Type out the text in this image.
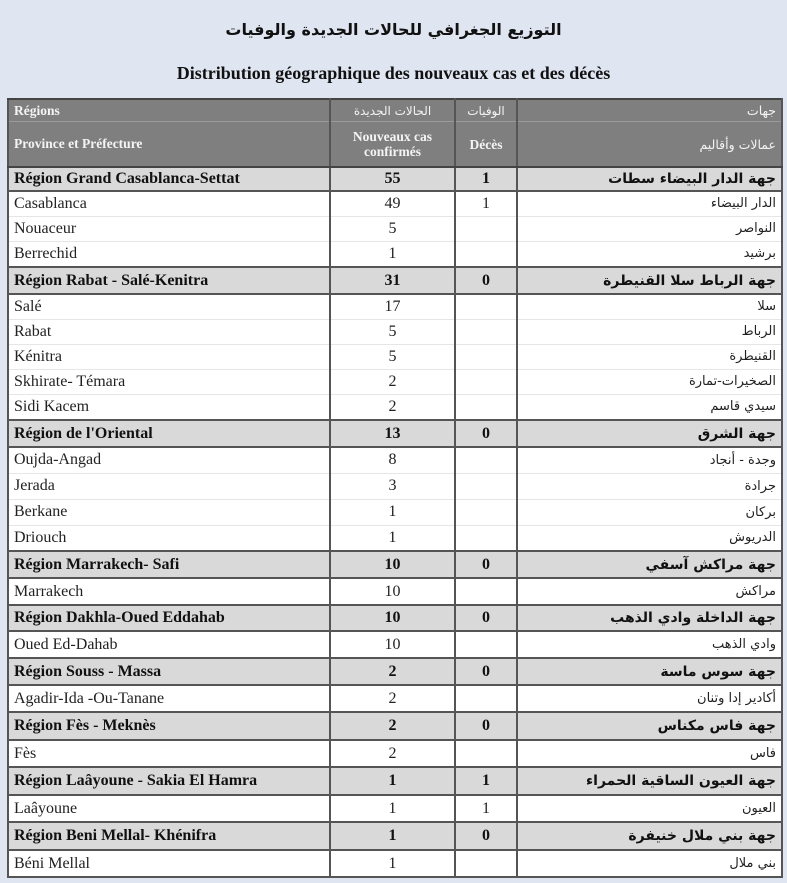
التوزيع الجغرافي للحالات الجديدة والوفيات
Distribution géographique des nouveaux cas et des décès
Régions	الحالات الجديدة	الوفيات	جهات
Province et Préfecture	Nouveaux cas confirmés	Décès	عمالات وأقاليم
Région Grand Casablanca-Settat	55	1	جهة الدار البيضاء سطات
Casablanca	49	1	الدار البيضاء
Nouaceur	5		النواصر
Berrechid	1		برشيد
Région Rabat - Salé-Kenitra	31	0	جهة الرباط سلا القنيطرة
Salé	17		سلا
Rabat	5		الرباط
Kénitra	5		القنيطرة
Skhirate- Témara	2		الصخيرات-تمارة
Sidi Kacem	2		سيدي قاسم
Région de l'Oriental	13	0	جهة الشرق
Oujda-Angad	8		وجدة - أنجاد
Jerada	3		جرادة
Berkane	1		بركان
Driouch	1		الدريوش
Région Marrakech- Safi	10	0	جهة مراكش آسفي
Marrakech	10		مراكش
Région Dakhla-Oued Eddahab	10	0	جهة الداخلة وادي الذهب
Oued Ed-Dahab	10		وادي الذهب
Région Souss - Massa	2	0	جهة سوس ماسة
Agadir-Ida -Ou-Tanane	2		أكادير إدا وتنان
Région Fès - Meknès	2	0	جهة فاس مكناس
Fès	2		فاس
Région Laâyoune - Sakia El Hamra	1	1	جهة العيون الساقية الحمراء
Laâyoune	1	1	العيون
Région Beni Mellal- Khénifra	1	0	جهة بني ملال خنيفرة
Béni Mellal	1		بني ملال
